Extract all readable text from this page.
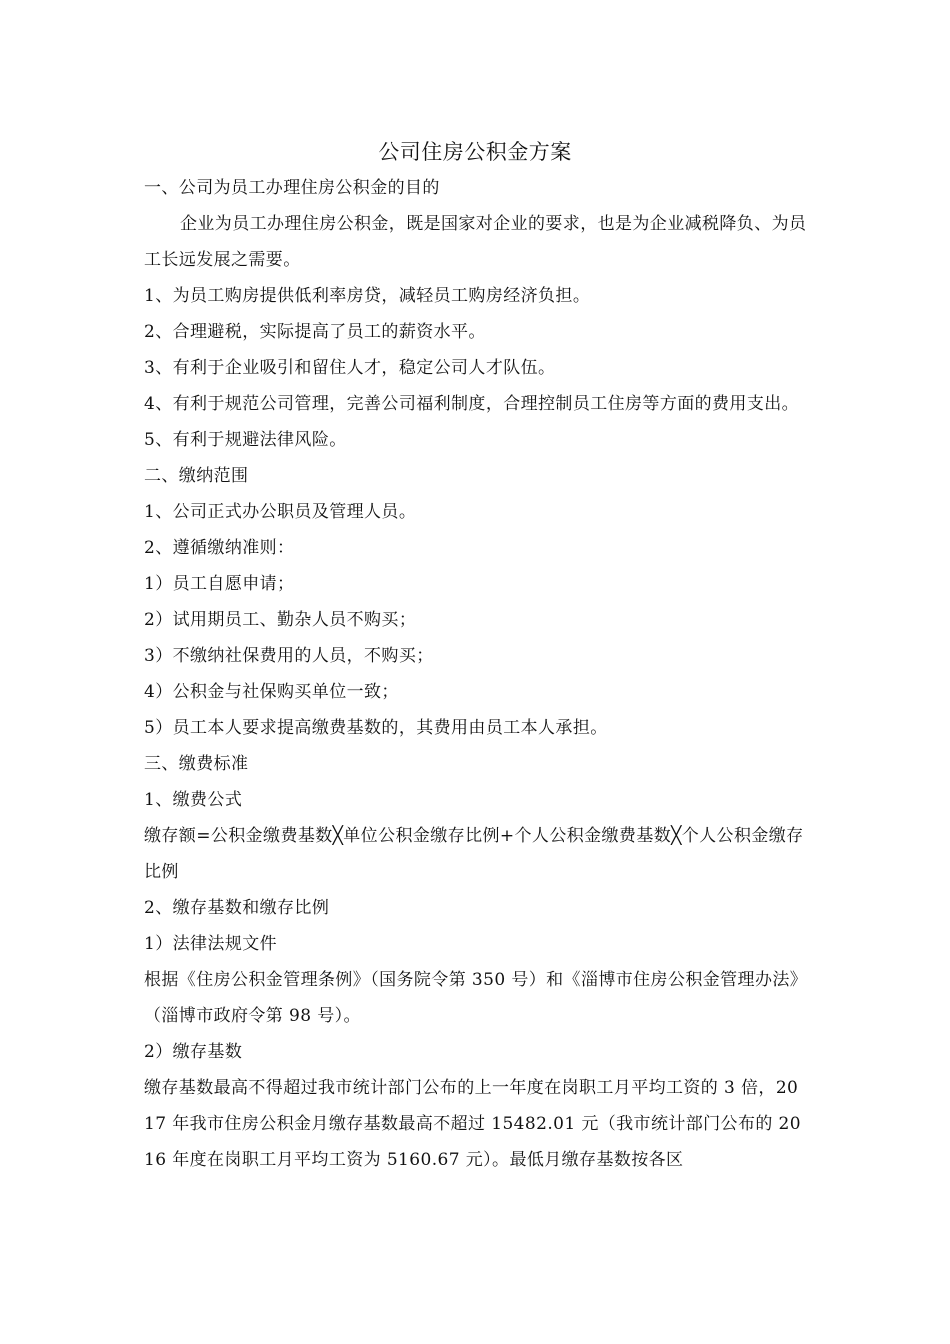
公司住房公积金方案

一、公司为员工办理住房公积金的目的

企业为员工办理住房公积金，既是国家对企业的要求，也是为企业减税降负、为员工长远发展之需要。

1、为员工购房提供低利率房贷，减轻员工购房经济负担。

2、合理避税，实际提高了员工的薪资水平。

3、有利于企业吸引和留住人才，稳定公司人才队伍。

4、有利于规范公司管理，完善公司福利制度，合理控制员工住房等方面的费用支出。

5、有利于规避法律风险。

二、缴纳范围

1、公司正式办公职员及管理人员。

2、遵循缴纳准则：

1）员工自愿申请；

2）试用期员工、勤杂人员不购买；

3）不缴纳社保费用的人员，不购买；

4）公积金与社保购买单位一致；

5）员工本人要求提高缴费基数的，其费用由员工本人承担。

三、缴费标准

1、缴费公式

缴存额=公积金缴费基数╳单位公积金缴存比例+个人公积金缴费基数╳个人公积金缴存比例

2、缴存基数和缴存比例

1）法律法规文件

根据《住房公积金管理条例》（国务院令第 350 号）和《淄博市住房公积金管理办法》（淄博市政府令第 98 号）。

2）缴存基数

缴存基数最高不得超过我市统计部门公布的上一年度在岗职工月平均工资的 3 倍，2017 年我市住房公积金月缴存基数最高不超过 15482.01 元（我市统计部门公布的 2016 年度在岗职工月平均工资为 5160.67 元）。最低月缴存基数按各区
